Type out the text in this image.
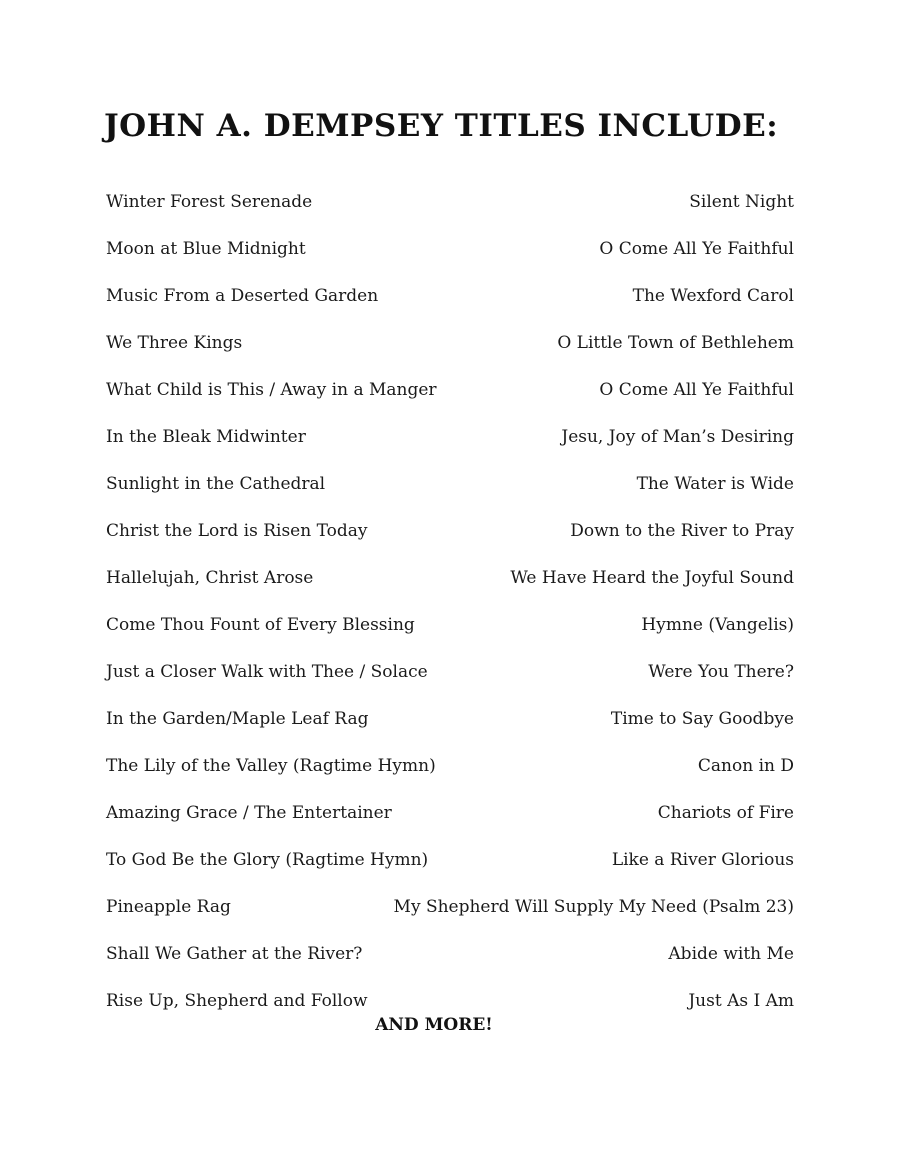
JOHN A. DEMPSEY TITLES INCLUDE:
Winter Forest Serenade	Silent Night
Moon at Blue Midnight	O Come All Ye Faithful
Music From a Deserted Garden	The Wexford Carol
We Three Kings	O Little Town of Bethlehem
What Child is This / Away in a Manger	O Come All Ye Faithful
In the Bleak Midwinter	Jesu, Joy of Man’s Desiring
Sunlight in the Cathedral	The Water is Wide
Christ the Lord is Risen Today	Down to the River to Pray
Hallelujah, Christ Arose	We Have Heard the Joyful Sound
Come Thou Fount of Every Blessing	Hymne (Vangelis)
Just a Closer Walk with Thee / Solace	Were You There?
In the Garden/Maple Leaf Rag	Time to Say Goodbye
The Lily of the Valley (Ragtime Hymn)	Canon in D
Amazing Grace / The Entertainer	Chariots of Fire
To God Be the Glory (Ragtime Hymn)	Like a River Glorious
Pineapple Rag	My Shepherd Will Supply My Need (Psalm 23)
Shall We Gather at the River?	Abide with Me
Rise Up, Shepherd and Follow	Just As I Am
AND MORE!
